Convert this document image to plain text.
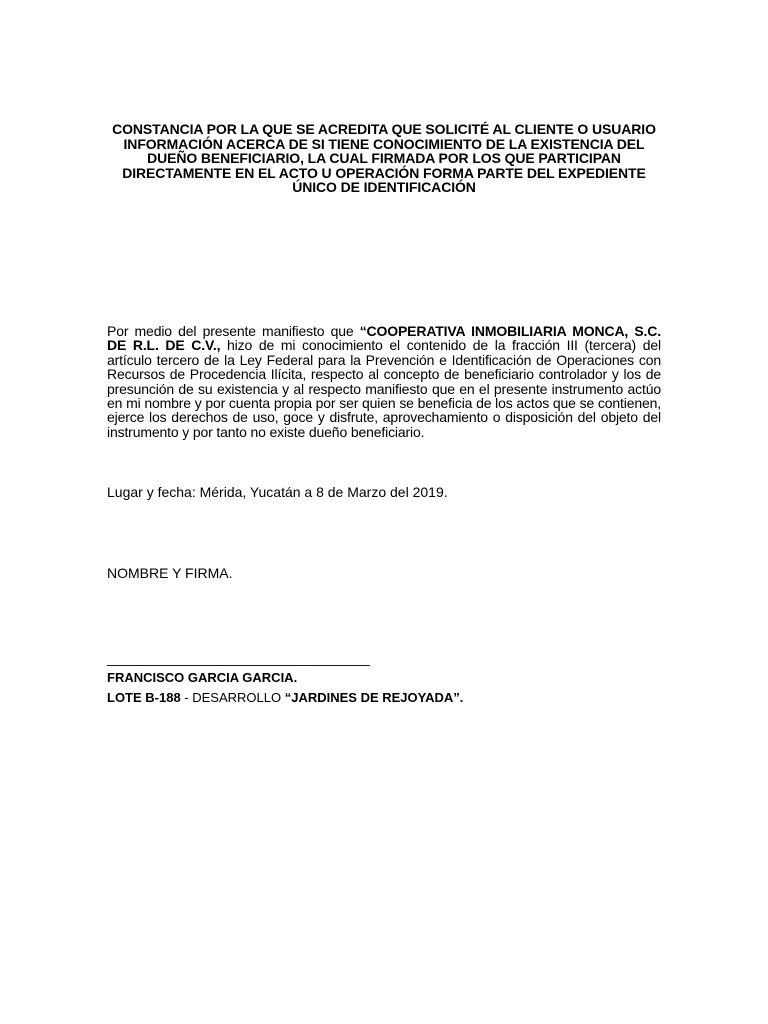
CONSTANCIA POR LA QUE SE ACREDITA QUE SOLICITÉ AL CLIENTE O USUARIO INFORMACIÓN ACERCA DE SI TIENE CONOCIMIENTO DE LA EXISTENCIA DEL DUEÑO BENEFICIARIO, LA CUAL FIRMADA POR LOS QUE PARTICIPAN DIRECTAMENTE EN EL ACTO U OPERACIÓN FORMA PARTE DEL EXPEDIENTE ÚNICO DE IDENTIFICACIÓN
Por medio del presente manifiesto que “COOPERATIVA INMOBILIARIA MONCA, S.C. DE R.L. DE C.V., hizo de mi conocimiento el contenido de la fracción III (tercera) del artículo tercero de la Ley Federal para la Prevención e Identificación de Operaciones con Recursos de Procedencia Ilícita, respecto al concepto de beneficiario controlador y los de presunción de su existencia y al respecto manifiesto que en el presente instrumento actúo en mi nombre y por cuenta propia por ser quien se beneficia de los actos que se contienen, ejerce los derechos de uso, goce y disfrute, aprovechamiento o disposición del objeto del instrumento y por tanto no existe dueño beneficiario.
Lugar y fecha: Mérida, Yucatán a 8 de Marzo del 2019.
NOMBRE Y FIRMA.
____________________________________
FRANCISCO GARCIA GARCIA.
LOTE B-188 - DESARROLLO “JARDINES DE REJOYADA”.
